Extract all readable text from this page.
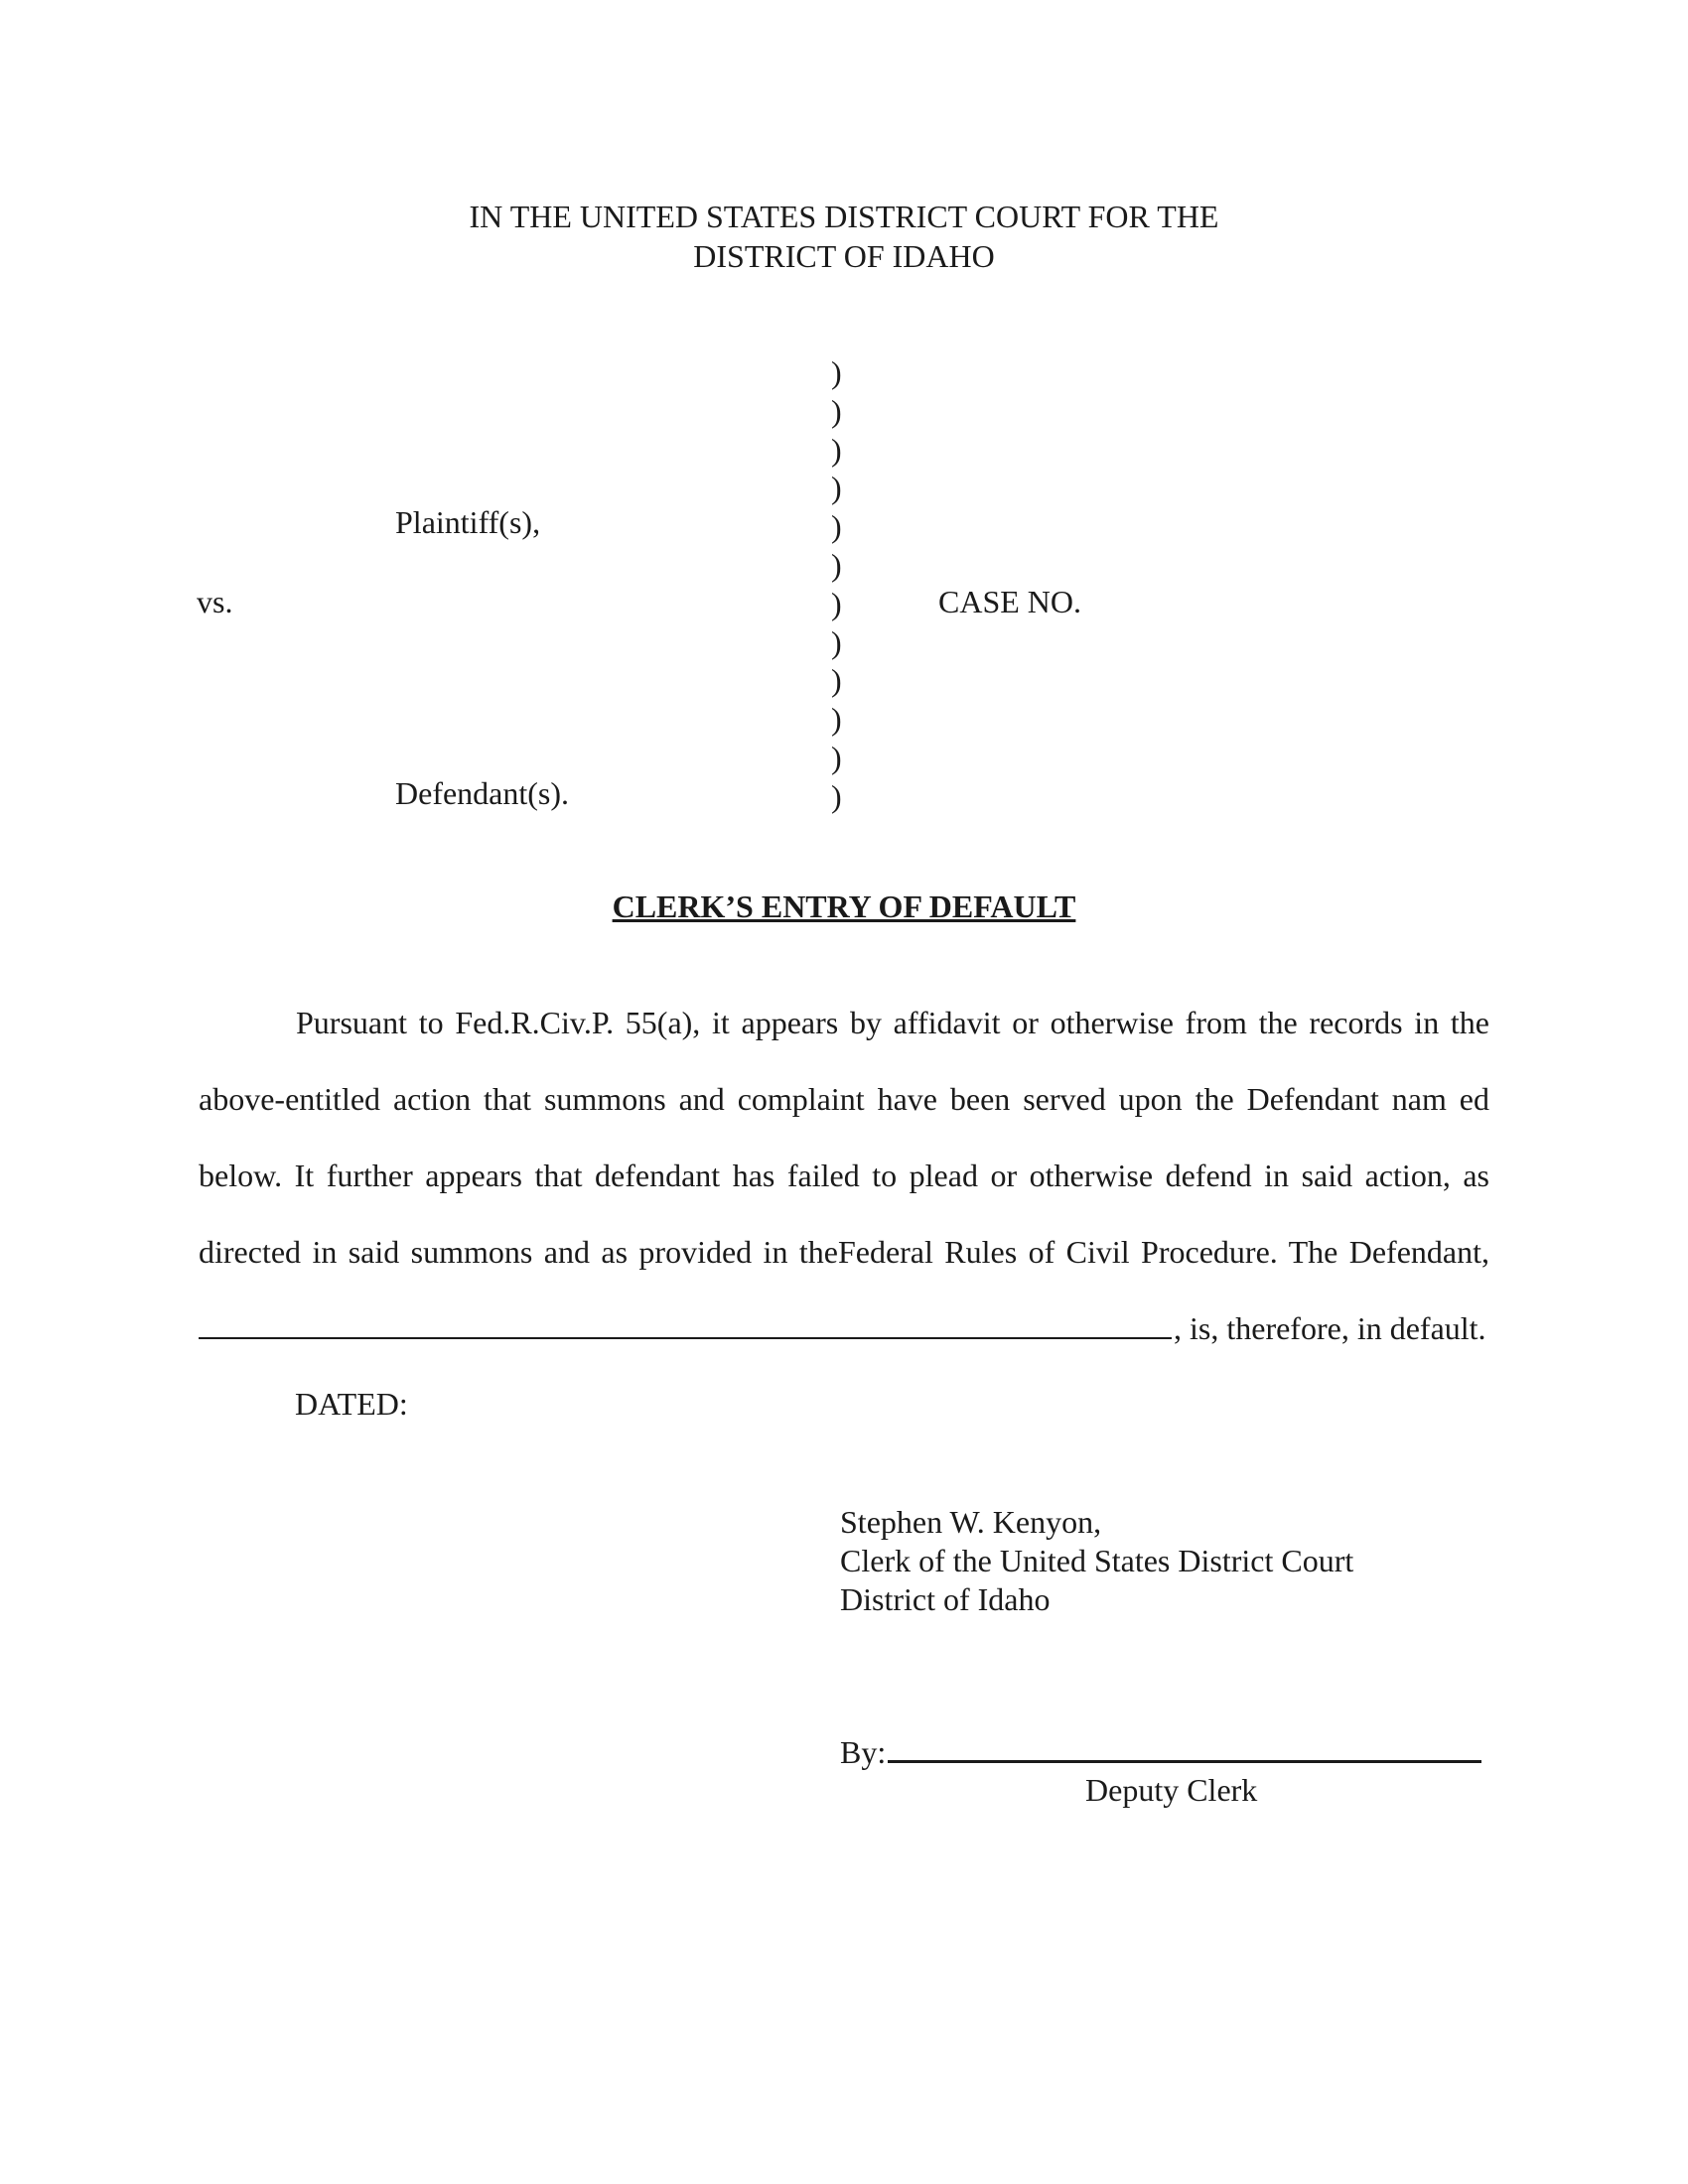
IN THE UNITED STATES DISTRICT COURT FOR THE
DISTRICT OF IDAHO
Plaintiff(s),
vs.
Defendant(s).
CASE NO.
)
)
)
)
)
)
)
)
)
)
)
)
CLERK’S ENTRY OF DEFAULT
Pursuant to Fed.R.Civ.P. 55(a), it appears by affidavit or otherwise from the records in the
above-entitled action that summons and complaint have been served upon the Defendant nam ed
below. It further appears that defendant has failed to plead or otherwise defend in said action, as
directed in said summons and as provided in theFederal Rules of Civil Procedure. The Defendant,
, is, therefore, in default.
DATED:
Stephen W. Kenyon,
Clerk of the United States District Court
District of Idaho
By:
Deputy Clerk
